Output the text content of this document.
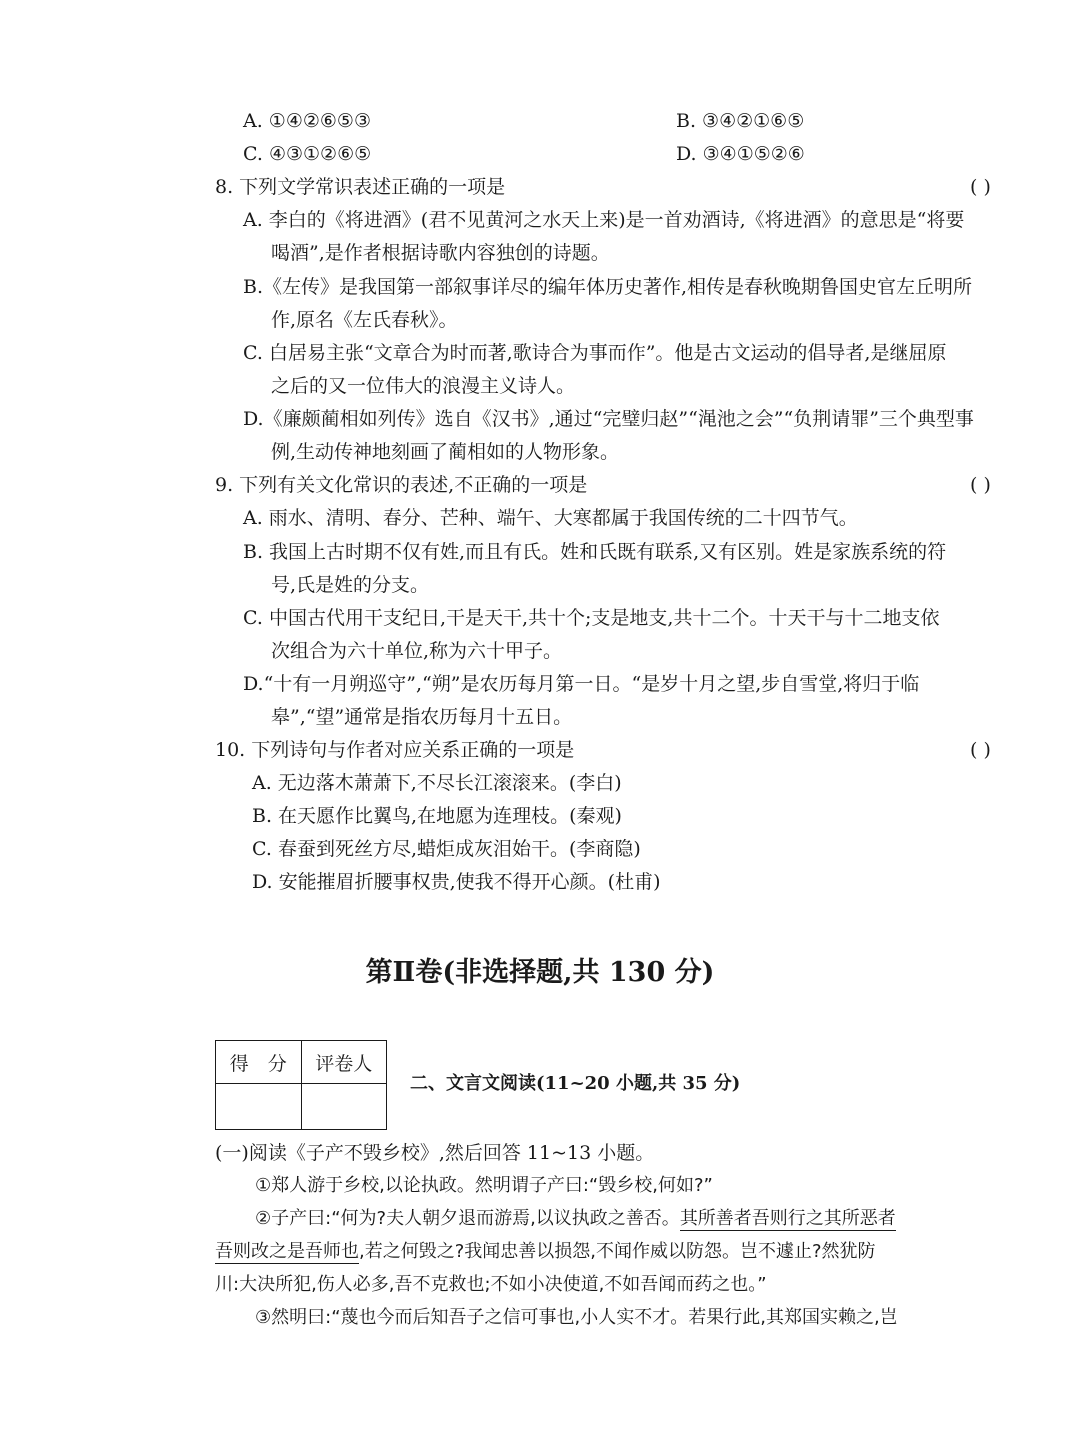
A. ①④②⑥⑤③	B. ③④②①⑥⑤
C. ④③①②⑥⑤	D. ③④①⑤②⑥
8. 下列文学常识表述正确的一项是	( )
A. 李白的《将进酒》(君不见黄河之水天上来)是一首劝酒诗,《将进酒》的意思是“将要
喝酒”,是作者根据诗歌内容独创的诗题。
B.《左传》是我国第一部叙事详尽的编年体历史著作,相传是春秋晚期鲁国史官左丘明所
作,原名《左氏春秋》。
C. 白居易主张“文章合为时而著,歌诗合为事而作”。他是古文运动的倡导者,是继屈原
之后的又一位伟大的浪漫主义诗人。
D.《廉颇蔺相如列传》选自《汉书》,通过“完璧归赵”“渑池之会”“负荆请罪”三个典型事
例,生动传神地刻画了蔺相如的人物形象。
9. 下列有关文化常识的表述,不正确的一项是	( )
A. 雨水、清明、春分、芒种、端午、大寒都属于我国传统的二十四节气。
B. 我国上古时期不仅有姓,而且有氏。姓和氏既有联系,又有区别。姓是家族系统的符
号,氏是姓的分支。
C. 中国古代用干支纪日,干是天干,共十个;支是地支,共十二个。十天干与十二地支依
次组合为六十单位,称为六十甲子。
D.“十有一月朔巡守”,“朔”是农历每月第一日。“是岁十月之望,步自雪堂,将归于临
皋”,“望”通常是指农历每月十五日。
10. 下列诗句与作者对应关系正确的一项是	( )
A. 无边落木萧萧下,不尽长江滚滚来。(李白)
B. 在天愿作比翼鸟,在地愿为连理枝。(秦观)
C. 春蚕到死丝方尽,蜡炬成灰泪始干。(李商隐)
D. 安能摧眉折腰事权贵,使我不得开心颜。(杜甫)
第Ⅱ卷(非选择题,共 130 分)
得　分	评卷人

二、文言文阅读(11~20 小题,共 35 分)
(一)阅读《子产不毁乡校》,然后回答 11~13 小题。
①郑人游于乡校,以论执政。然明谓子产曰:“毁乡校,何如?”
②子产曰:“何为?夫人朝夕退而游焉,以议执政之善否。其所善者吾则行之其所恶者
吾则改之是吾师也,若之何毁之?我闻忠善以损怨,不闻作威以防怨。岂不遽止?然犹防
川:大决所犯,伤人必多,吾不克救也;不如小决使道,不如吾闻而药之也。”
③然明曰:“蔑也今而后知吾子之信可事也,小人实不才。若果行此,其郑国实赖之,岂
